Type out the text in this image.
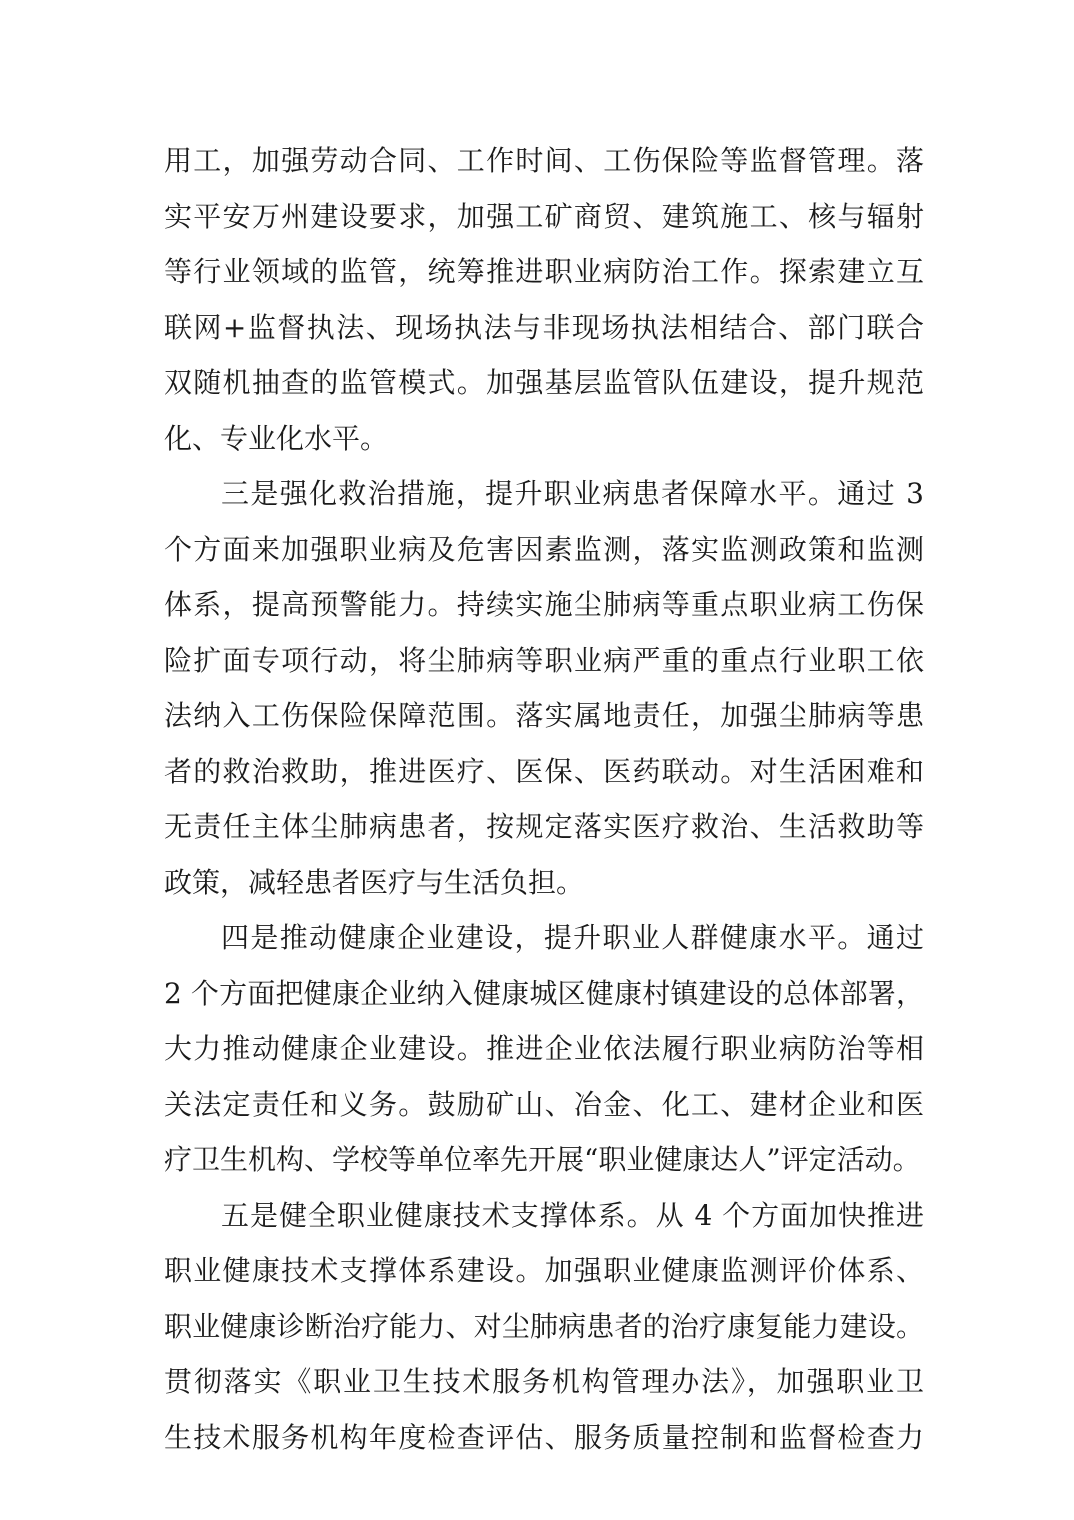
用工，加强劳动合同、工作时间、工伤保险等监督管理。落
实平安万州建设要求，加强工矿商贸、建筑施工、核与辐射
等行业领域的监管，统筹推进职业病防治工作。探索建立互
联网+监督执法、现场执法与非现场执法相结合、部门联合
双随机抽查的监管模式。加强基层监管队伍建设，提升规范
化、专业化水平。
三是强化救治措施，提升职业病患者保障水平。通过 3
个方面来加强职业病及危害因素监测，落实监测政策和监测
体系，提高预警能力。持续实施尘肺病等重点职业病工伤保
险扩面专项行动，将尘肺病等职业病严重的重点行业职工依
法纳入工伤保险保障范围。落实属地责任，加强尘肺病等患
者的救治救助，推进医疗、医保、医药联动。对生活困难和
无责任主体尘肺病患者，按规定落实医疗救治、生活救助等
政策，减轻患者医疗与生活负担。
四是推动健康企业建设，提升职业人群健康水平。通过
2 个方面把健康企业纳入健康城区健康村镇建设的总体部署，
大力推动健康企业建设。推进企业依法履行职业病防治等相
关法定责任和义务。鼓励矿山、冶金、化工、建材企业和医
疗卫生机构、学校等单位率先开展“职业健康达人”评定活动。
五是健全职业健康技术支撑体系。从 4 个方面加快推进
职业健康技术支撑体系建设。加强职业健康监测评价体系、
职业健康诊断治疗能力、对尘肺病患者的治疗康复能力建设。
贯彻落实《职业卫生技术服务机构管理办法》，加强职业卫
生技术服务机构年度检查评估、服务质量控制和监督检查力
